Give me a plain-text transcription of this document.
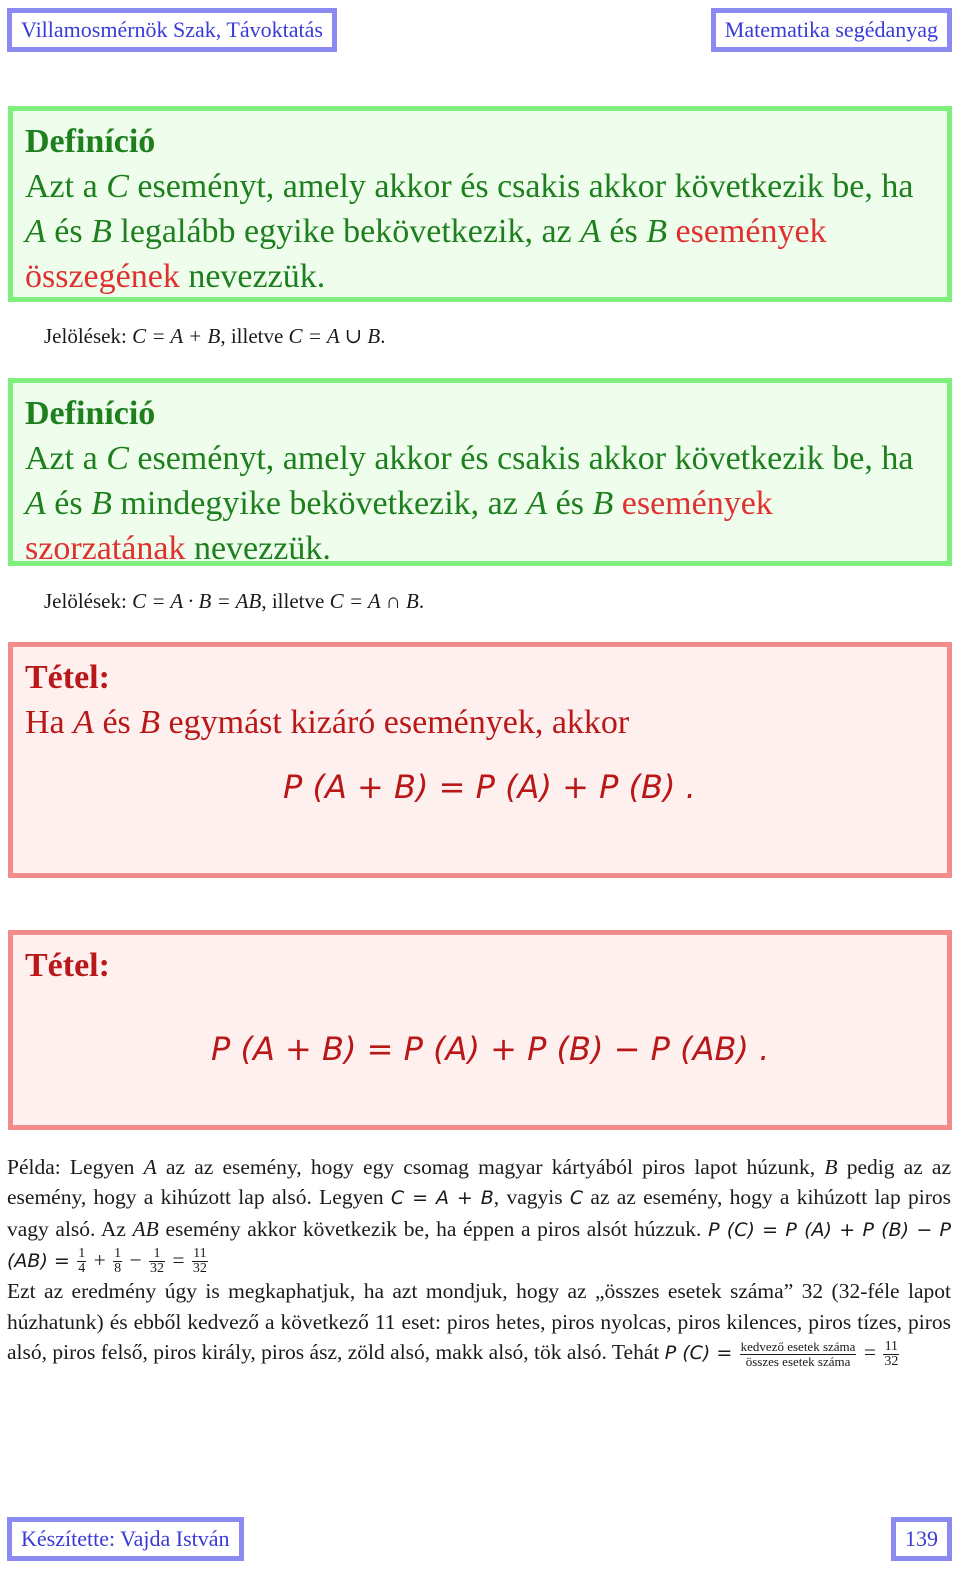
Villamosmérnök Szak, Távoktatás	Matematika segédanyag
Definíció
Azt a C eseményt, amely akkor és csakis akkor következik be, ha A és B legalább egyike bekövetkezik, az A és B események összegének nevezzük.
Jelölések: C = A + B, illetve C = A ∪ B.
Definíció
Azt a C eseményt, amely akkor és csakis akkor következik be, ha A és B mindegyike bekövetkezik, az A és B események szorzatának nevezzük.
Jelölések: C = A · B = AB, illetve C = A ∩ B.
Tétel:
Ha A és B egymást kizáró események, akkor
P (A + B) = P (A) + P (B) .
Tétel:
P (A + B) = P (A) + P (B) − P (AB) .
Példa: Legyen A az az esemény, hogy egy csomag magyar kártyából piros lapot húzunk, B pedig az az esemény, hogy a kihúzott lap alsó. Legyen C = A + B, vagyis C az az esemény, hogy a kihúzott lap piros vagy alsó. Az AB esemény akkor következik be, ha éppen a piros alsót húzzuk. P (C) = P (A) + P (B) − P $(AB) = \frac{1}{4} + \frac{1}{8} - \frac{1}{32} = \frac{11}{32}$

Ezt az eredmény úgy is megkaphatjuk, ha azt mondjuk, hogy az „összes esetek száma” 32 (32-féle lapot húzhatunk) és ebből kedvező a következő 11 eset: piros hetes, piros nyolcas, piros kilences, piros tízes, piros alsó, piros felső, piros király, piros ász, zöld alsó, makk alsó, tök alsó. Tehát P $(C) = \frac{\text{kedvező esetek száma}}{\text{összes esetek száma}} = \frac{11}{32}$
Készítette: Vajda István	139
